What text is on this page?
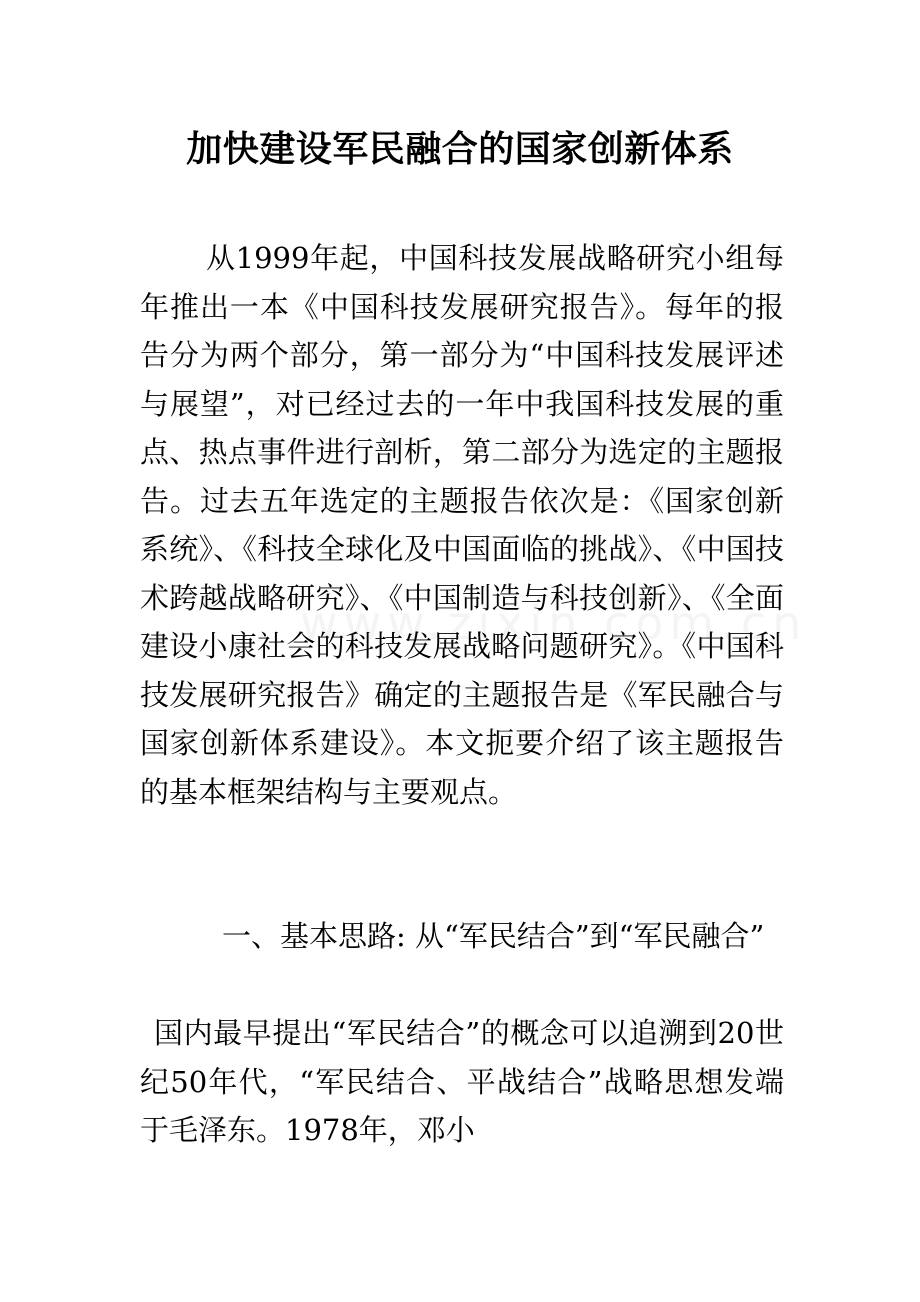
加快建设军民融合的国家创新体系
从1999年起，中国科技发展战略研究小组每年推出一本《中国科技发展研究报告》。每年的报告分为两个部分，第一部分为“中国科技发展评述与展望”，对已经过去的一年中我国科技发展的重点、热点事件进行剖析，第二部分为选定的主题报告。过去五年选定的主题报告依次是：《国家创新系统》、《科技全球化及中国面临的挑战》、《中国技术跨越战略研究》、《中国制造与科技创新》、《全面建设小康社会的科技发展战略问题研究》。《中国科技发展研究报告》确定的主题报告是《军民融合与国家创新体系建设》。本文扼要介绍了该主题报告的基本框架结构与主要观点。
一、基本思路: 从“军民结合”到“军民融合”
国内最早提出“军民结合”的概念可以追溯到20世纪50年代，“军民结合、平战结合”战略思想发端于毛泽东。1978年，邓小
